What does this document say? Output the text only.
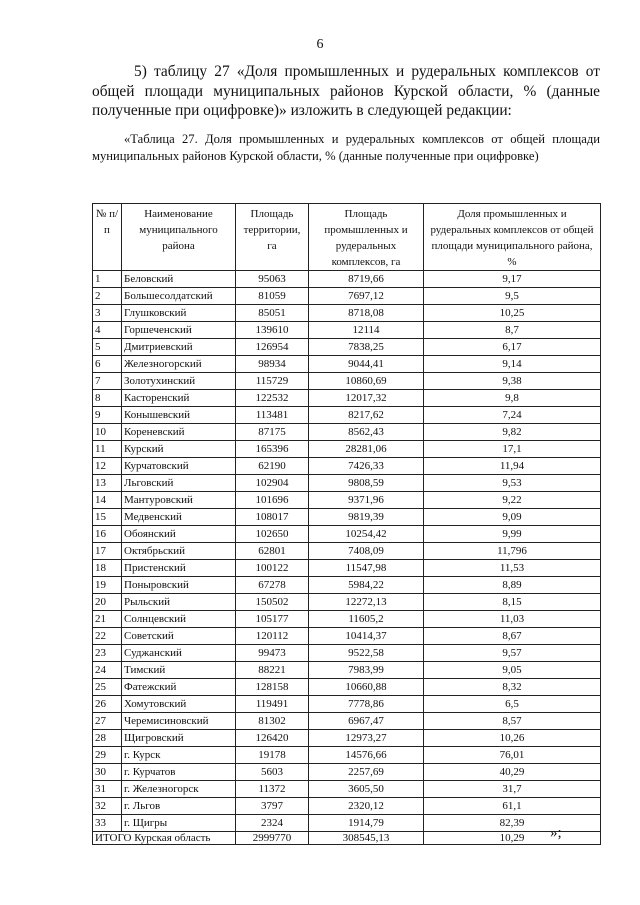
6

5) таблицу 27 «Доля промышленных и рудеральных комплексов от общей площади муниципальных районов Курской области, % (данные полученные при оцифровке)» изложить в следующей редакции:

«Таблица 27. Доля промышленных и рудеральных комплексов от общей площади муниципальных районов Курской области, % (данные полученные при оцифровке)

№ п/п	Наименование муниципального района	Площадь территории, га	Площадь промышленных и рудеральных комплексов, га	Доля промышленных и рудеральных комплексов от общей площади муниципального района, %
1	Беловский	95063	8719,66	9,17
2	Большесолдатский	81059	7697,12	9,5
3	Глушковский	85051	8718,08	10,25
4	Горшеченский	139610	12114	8,7
5	Дмитриевский	126954	7838,25	6,17
6	Железногорский	98934	9044,41	9,14
7	Золотухинский	115729	10860,69	9,38
8	Касторенский	122532	12017,32	9,8
9	Конышевский	113481	8217,62	7,24
10	Кореневский	87175	8562,43	9,82
11	Курский	165396	28281,06	17,1
12	Курчатовский	62190	7426,33	11,94
13	Льговский	102904	9808,59	9,53
14	Мантуровский	101696	9371,96	9,22
15	Медвенский	108017	9819,39	9,09
16	Обоянский	102650	10254,42	9,99
17	Октябрьский	62801	7408,09	11,796
18	Пристенский	100122	11547,98	11,53
19	Поныровский	67278	5984,22	8,89
20	Рыльский	150502	12272,13	8,15
21	Солнцевский	105177	11605,2	11,03
22	Советский	120112	10414,37	8,67
23	Суджанский	99473	9522,58	9,57
24	Тимский	88221	7983,99	9,05
25	Фатежский	128158	10660,88	8,32
26	Хомутовский	119491	7778,86	6,5
27	Черемисиновский	81302	6967,47	8,57
28	Щигровский	126420	12973,27	10,26
29	г. Курск	19178	14576,66	76,01
30	г. Курчатов	5603	2257,69	40,29
31	г. Железногорск	11372	3605,50	31,7
32	г. Льгов	3797	2320,12	61,1
33	г. Щигры	2324	1914,79	82,39
ИТОГО Курская область		2999770	308545,13	10,29 »;
